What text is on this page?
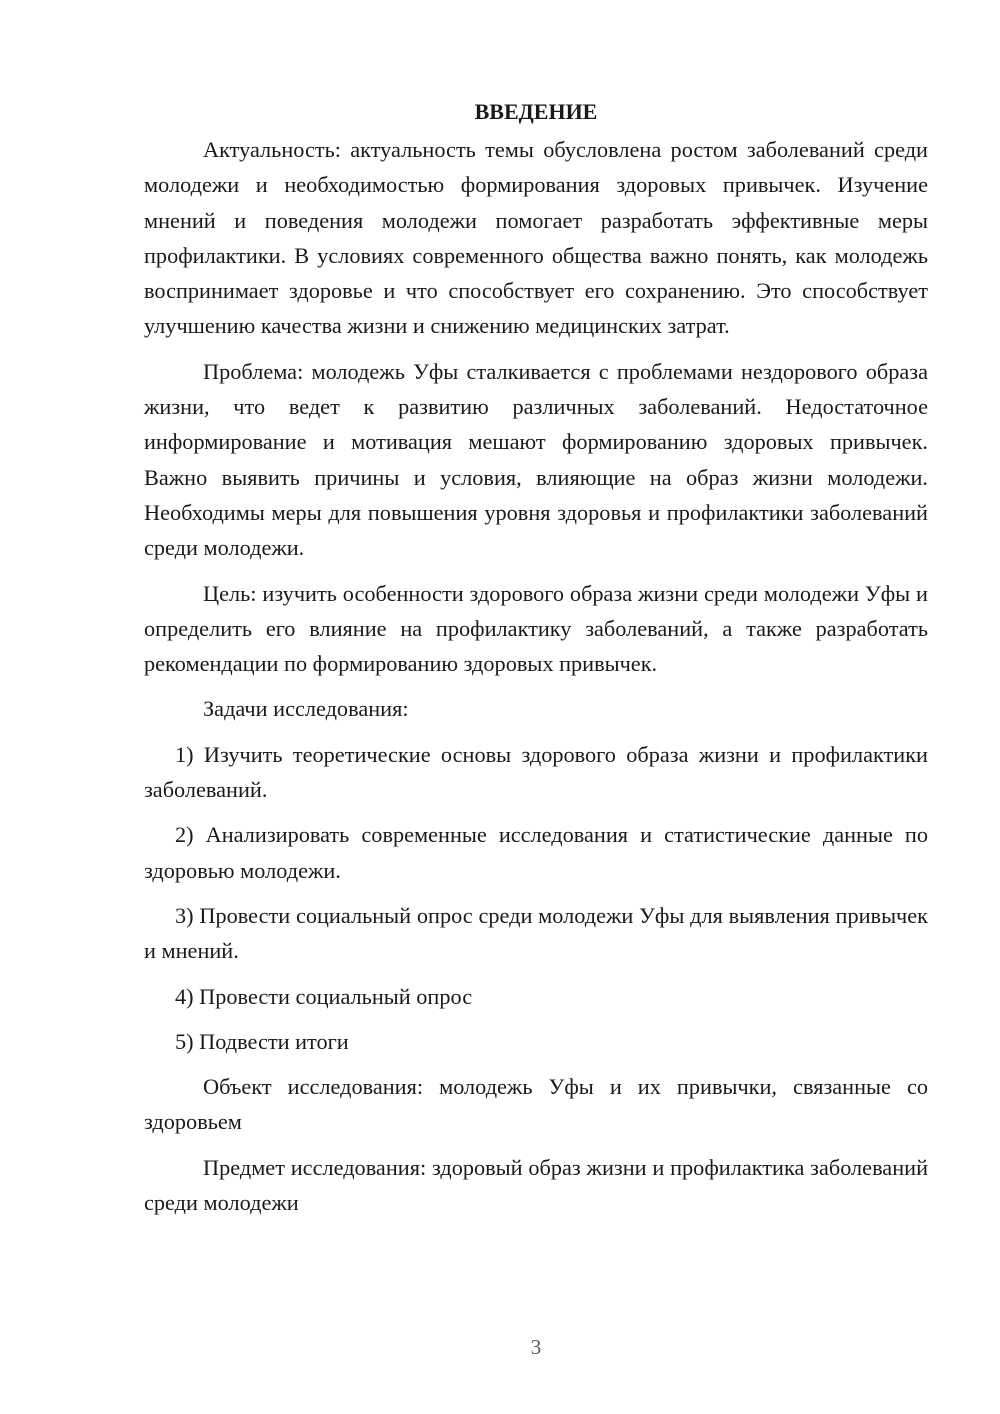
ВВЕДЕНИЕ

Актуальность: актуальность темы обусловлена ростом заболеваний среди молодежи и необходимостью формирования здоровых привычек. Изучение мнений и поведения молодежи помогает разработать эффективные меры профилактики. В условиях современного общества важно понять, как молодежь воспринимает здоровье и что способствует его сохранению. Это способствует улучшению качества жизни и снижению медицинских затрат.

Проблема: молодежь Уфы сталкивается с проблемами нездорового образа жизни, что ведет к развитию различных заболеваний. Недостаточное информирование и мотивация мешают формированию здоровых привычек. Важно выявить причины и условия, влияющие на образ жизни молодежи. Необходимы меры для повышения уровня здоровья и профилактики заболеваний среди молодежи.

Цель: изучить особенности здорового образа жизни среди молодежи Уфы и определить его влияние на профилактику заболеваний, а также разработать рекомендации по формированию здоровых привычек.

Задачи исследования:

1) Изучить теоретические основы здорового образа жизни и профилактики заболеваний.

2) Анализировать современные исследования и статистические данные по здоровью молодежи.

3) Провести социальный опрос среди молодежи Уфы для выявления привычек и мнений.

4) Провести социальный опрос

5) Подвести итоги

Объект исследования: молодежь Уфы и их привычки, связанные со здоровьем

Предмет исследования: здоровый образ жизни и профилактика заболеваний среди молодежи

3
